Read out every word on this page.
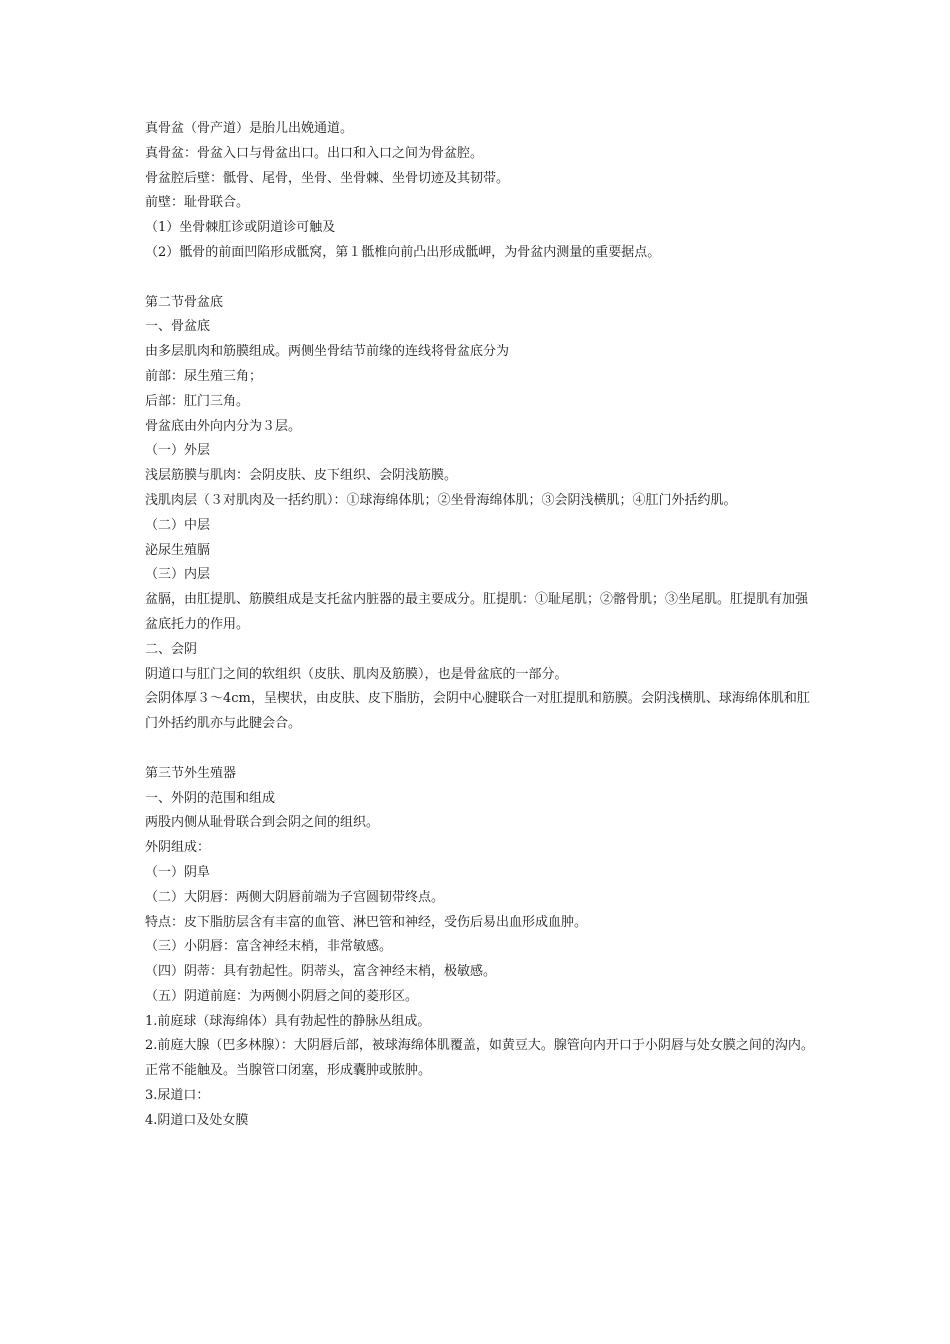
真骨盆（骨产道）是胎儿出娩通道。

真骨盆：骨盆入口与骨盆出口。出口和入口之间为骨盆腔。

骨盆腔后壁：骶骨、尾骨，坐骨、坐骨棘、坐骨切迹及其韧带。

前壁：耻骨联合。

（1）坐骨棘肛诊或阴道诊可触及

（2）骶骨的前面凹陷形成骶窝，第１骶椎向前凸出形成骶岬，为骨盆内测量的重要据点。

第二节骨盆底

一、骨盆底

由多层肌肉和筋膜组成。两侧坐骨结节前缘的连线将骨盆底分为

前部：尿生殖三角；

后部：肛门三角。

骨盆底由外向内分为３层。

（一）外层

浅层筋膜与肌肉：会阴皮肤、皮下组织、会阴浅筋膜。

浅肌肉层（３对肌肉及一括约肌）：①球海绵体肌；②坐骨海绵体肌；③会阴浅横肌；④肛门外括约肌。

（二）中层

泌尿生殖膈

（三）内层

盆膈，由肛提肌、筋膜组成是支托盆内脏器的最主要成分。肛提肌：①耻尾肌；②髂骨肌；③坐尾肌。肛提肌有加强盆底托力的作用。

二、会阴

阴道口与肛门之间的软组织（皮肤、肌肉及筋膜），也是骨盆底的一部分。

会阴体厚３～4cm，呈楔状，由皮肤、皮下脂肪，会阴中心腱联合一对肛提肌和筋膜。会阴浅横肌、球海绵体肌和肛门外括约肌亦与此腱会合。

第三节外生殖器

一、外阴的范围和组成

两股内侧从耻骨联合到会阴之间的组织。

外阴组成：

（一）阴阜

（二）大阴唇：两侧大阴唇前端为子宫圆韧带终点。

特点：皮下脂肪层含有丰富的血管、淋巴管和神经，受伤后易出血形成血肿。

（三）小阴唇：富含神经末梢，非常敏感。

（四）阴蒂：具有勃起性。阴蒂头，富含神经末梢，极敏感。

（五）阴道前庭：为两侧小阴唇之间的菱形区。

1.前庭球（球海绵体）具有勃起性的静脉丛组成。

2.前庭大腺（巴多林腺）：大阴唇后部，被球海绵体肌覆盖，如黄豆大。腺管向内开口于小阴唇与处女膜之间的沟内。正常不能触及。当腺管口闭塞，形成囊肿或脓肿。

3.尿道口：

4.阴道口及处女膜
